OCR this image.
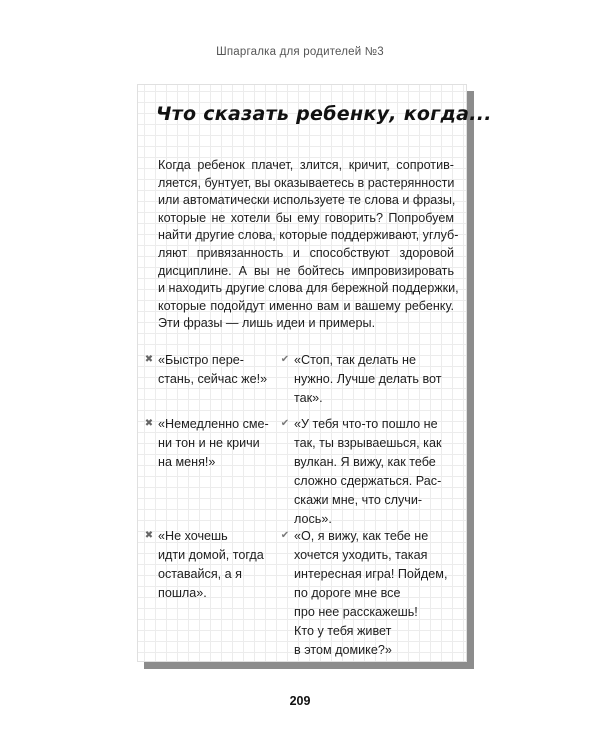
Шпаргалка для родителей №3
Что сказать ребенку, когда...
Когда ребенок плачет, злится, кричит, сопротив-
ляется, бунтует, вы оказываетесь в растерянности
или автоматически используете те слова и фразы,
которые не хотели бы ему говорить? Попробуем
найти другие слова, которые поддерживают, углуб-
ляют привязанность и способствуют здоровой
дисциплине. А вы не бойтесь импровизировать
и находить другие слова для бережной поддержки,
которые подойдут именно вам и вашему ребенку.
Эти фразы — лишь идеи и примеры.
✖ «Быстро пере-
стань, сейчас же!»
✔ «Стоп, так делать не
нужно. Лучше делать вот
так».
✖ «Немедленно сме-
ни тон и не кричи
на меня!»
✔ «У тебя что-то пошло не
так, ты взрываешься, как
вулкан. Я вижу, как тебе
сложно сдержаться. Рас-
скажи мне, что случи-
лось».
✖ «Не хочешь
идти домой, тогда
оставайся, а я
пошла».
✔ «О, я вижу, как тебе не
хочется уходить, такая
интересная игра! Пойдем,
по дороге мне все
про нее расскажешь!
Кто у тебя живет
в этом домике?»
209
